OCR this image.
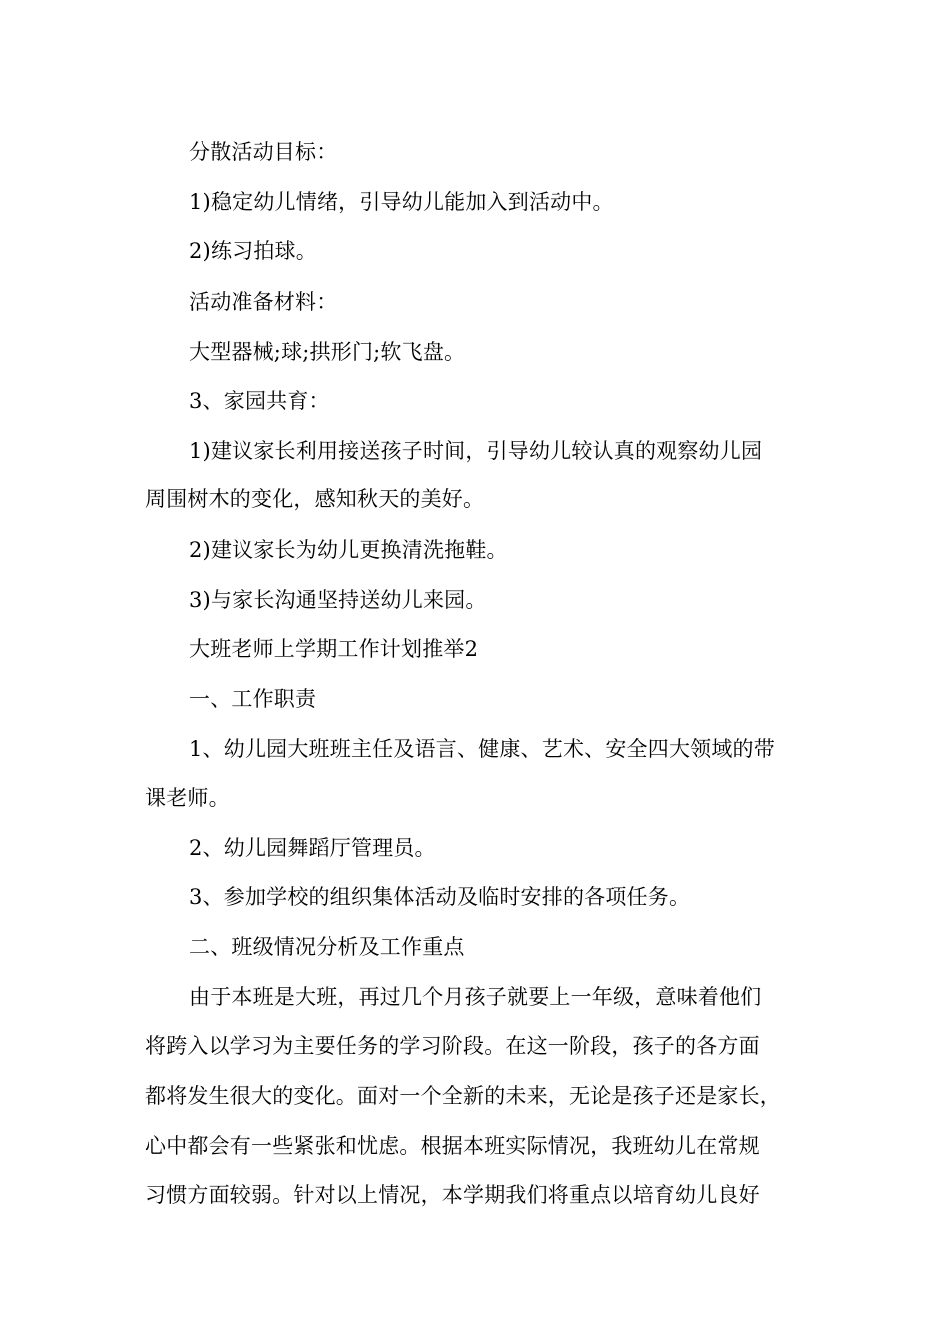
分散活动目标：
1)稳定幼儿情绪，引导幼儿能加入到活动中。
2)练习拍球。
活动准备材料：
大型器械;球;拱形门;软飞盘。
3、家园共育：
1)建议家长利用接送孩子时间，引导幼儿较认真的观察幼儿园
周围树木的变化，感知秋天的美好。
2)建议家长为幼儿更换清洗拖鞋。
3)与家长沟通坚持送幼儿来园。
大班老师上学期工作计划推举2
一、工作职责
1、幼儿园大班班主任及语言、健康、艺术、安全四大领域的带
课老师。
2、幼儿园舞蹈厅管理员。
3、参加学校的组织集体活动及临时安排的各项任务。
二、班级情况分析及工作重点
由于本班是大班，再过几个月孩子就要上一年级，意味着他们
将跨入以学习为主要任务的学习阶段。在这一阶段，孩子的各方面
都将发生很大的变化。面对一个全新的未来，无论是孩子还是家长，
心中都会有一些紧张和忧虑。根据本班实际情况，我班幼儿在常规
习惯方面较弱。针对以上情况，本学期我们将重点以培育幼儿良好
